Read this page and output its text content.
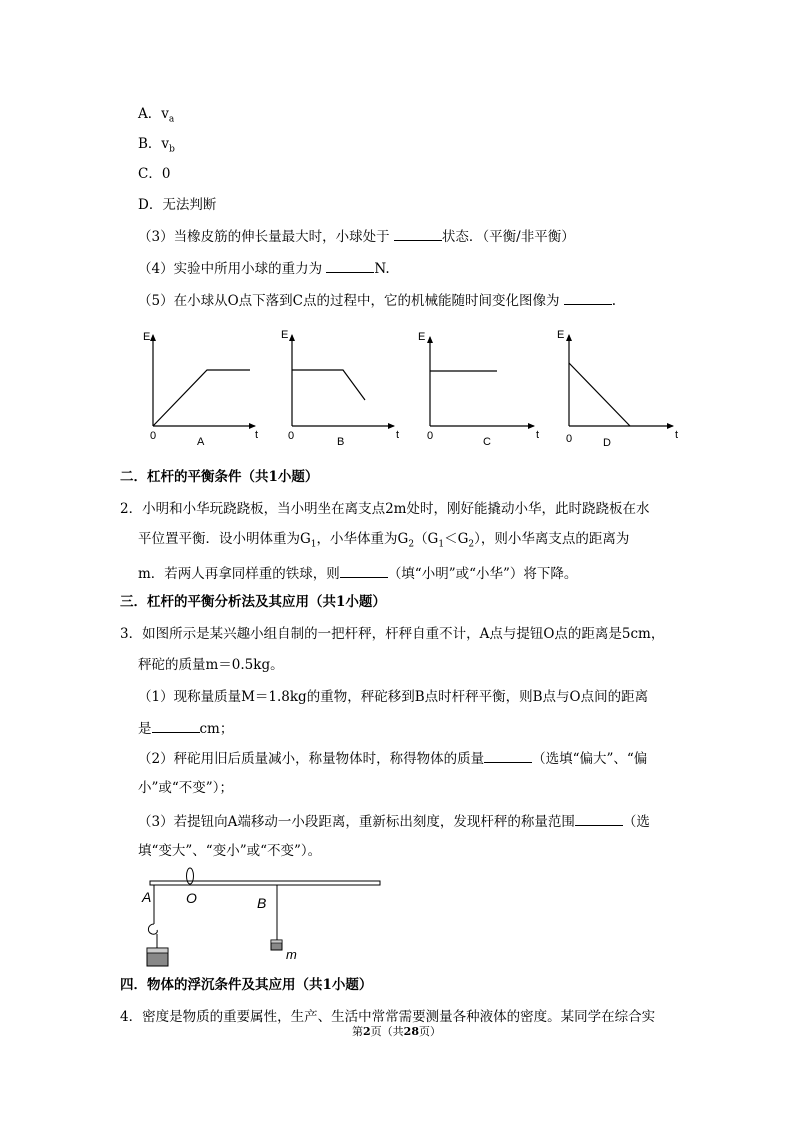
A．$v_a$
B．$v_b$
C．0
D．无法判断
（3）当橡皮筋的伸长量最大时，小球处于	状态．（平衡/非平衡）
（4）实验中所用小球的重力为	N.
（5）在小球从O点下落到C点的过程中，它的机械能随时间变化图像为	.
E
t
0	A
E
t
0	B
E
t
0	C
E
t
0	D
二．杠杆的平衡条件（共1小题）
2．小明和小华玩跷跷板，当小明坐在离支点2m处时，刚好能撬动小华，此时跷跷板在水
平位置平衡．设小明体重为$G_1$，小华体重为$G_2(G_1<G_2)$，则小华离支点的距离为
m．若两人再拿同样重的铁球，则	（填“小明”或“小华”）将下降。
三．杠杆的平衡分析法及其应用（共1小题）
3．如图所示是某兴趣小组自制的一把杆秤，杆秤自重不计，A点与提钮O点的距离是5cm，
秤砣的质量m＝0.5kg。
（1）现称量质量M＝1.8kg的重物，秤砣移到B点时杆秤平衡，则B点与O点间的距离
是	cm；
（2）秤砣用旧后质量减小，称量物体时，称得物体的质量	（选填“偏大”、“偏
小”或“不变”）；
（3）若提钮向A端移动一小段距离，重新标出刻度，发现杆秤的称量范围	（选
填“变大”、“变小”或“不变”）。
A O	B
m
四．物体的浮沉条件及其应用（共1小题）
4．密度是物质的重要属性，生产、生活中常常需要测量各种液体的密度。某同学在综合实
第2页（共28页）
